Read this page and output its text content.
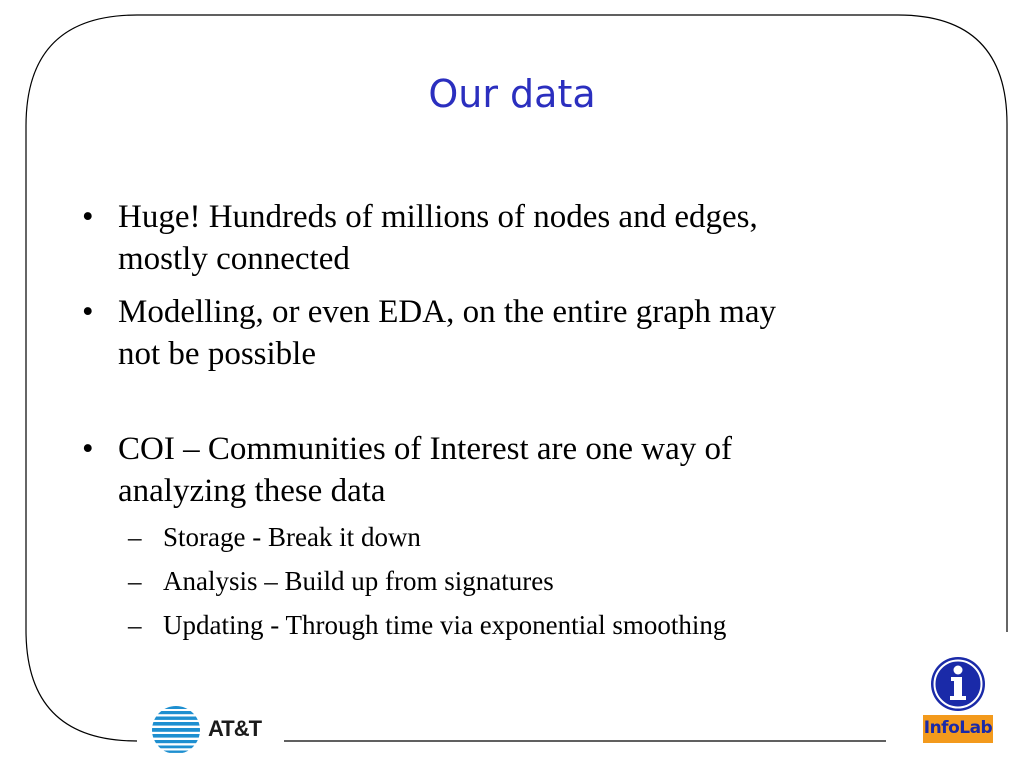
Our data
• Huge! Hundreds of millions of nodes and edges,
mostly connected
• Modelling, or even EDA, on the entire graph may
not be possible
• COI – Communities of Interest are one way of
analyzing these data
– Storage - Break it down
– Analysis – Build up from signatures
– Updating - Through time via exponential smoothing
AT&T	InfoLab
